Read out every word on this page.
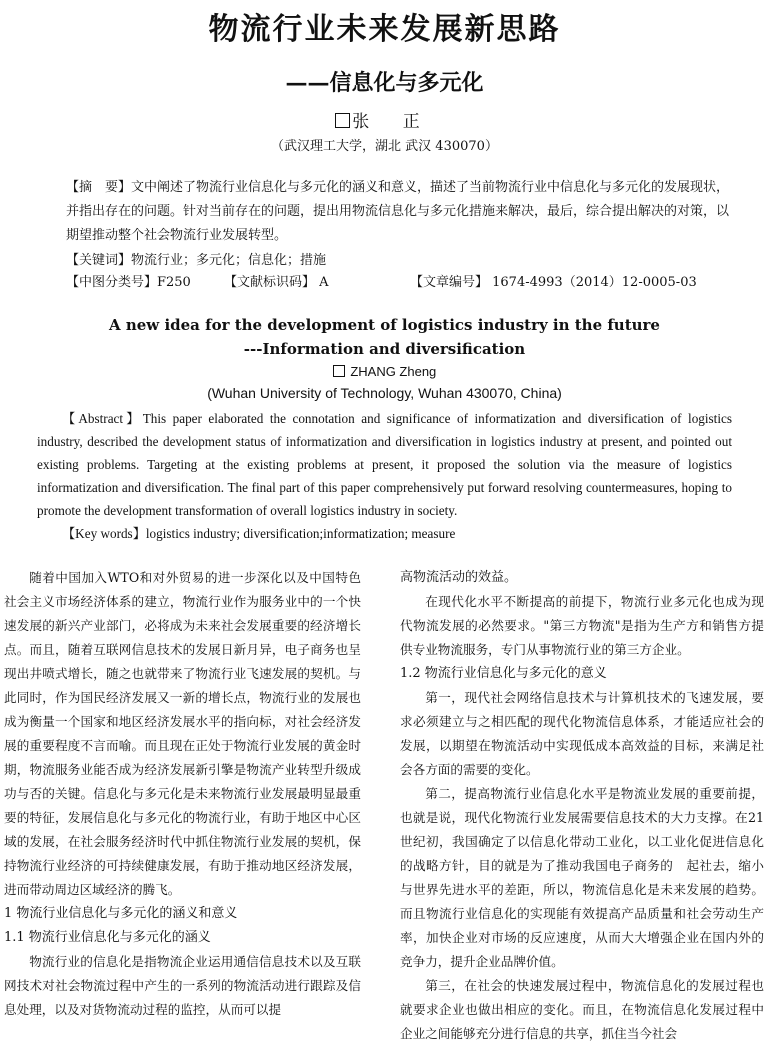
物流行业未来发展新思路
——信息化与多元化
张 正
（武汉理工大学，湖北 武汉 430070）
【摘　要】文中阐述了物流行业信息化与多元化的涵义和意义，描述了当前物流行业中信息化与多元化的发展现状，并指出存在的问题。针对当前存在的问题，提出用物流信息化与多元化措施来解决，最后，综合提出解决的对策，以期望推动整个社会物流行业发展转型。
【关键词】物流行业；多元化；信息化；措施
【中图分类号】F250	【文献标识码】 A	【文章编号】 1674-4993（2014）12-0005-03
A new idea for the development of logistics industry in the future
---Information and diversification
ZHANG Zheng
(Wuhan University of Technology, Wuhan 430070, China)
【Abstract】This paper elaborated the connotation and significance of informatization and diversification of logistics industry, described the development status of informatization and diversification in logistics industry at present, and pointed out existing problems. Targeting at the existing problems at present, it proposed the solution via the measure of logistics informatization and diversification. The final part of this paper comprehensively put forward resolving countermeasures, hoping to promote the development transformation of overall logistics industry in society.
【Key words】logistics industry; diversification;informatization; measure

随着中国加入WTO和对外贸易的进一步深化以及中国特色社会主义市场经济体系的建立，物流行业作为服务业中的一个快速发展的新兴产业部门，必将成为未来社会发展重要的经济增长点。而且，随着互联网信息技术的发展日新月异，电子商务也呈现出井喷式增长，随之也就带来了物流行业飞速发展的契机。与此同时，作为国民经济发展又一新的增长点，物流行业的发展也成为衡量一个国家和地区经济发展水平的指向标，对社会经济发展的重要程度不言而喻。而且现在正处于物流行业发展的黄金时期，物流服务业能否成为经济发展新引擎是物流产业转型升级成功与否的关键。信息化与多元化是未来物流行业发展最明显最重要的特征，发展信息化与多元化的物流行业，有助于地区中心区域的发展，在社会服务经济时代中抓住物流行业发展的契机，保持物流行业经济的可持续健康发展，有助于推动地区经济发展，进而带动周边区域经济的腾飞。

1 物流行业信息化与多元化的涵义和意义
1.1 物流行业信息化与多元化的涵义

物流行业的信息化是指物流企业运用通信信息技术以及互联网技术对社会物流过程中产生的一系列的物流活动进行跟踪及信息处理，以及对货物流动过程的监控，从而可以提

高物流活动的效益。

在现代化水平不断提高的前提下，物流行业多元化也成为现代物流发展的必然要求。"第三方物流"是指为生产方和销售方提供专业物流服务，专门从事物流行业的第三方企业。

1.2 物流行业信息化与多元化的意义

第一，现代社会网络信息技术与计算机技术的飞速发展，要求必须建立与之相匹配的现代化物流信息体系，才能适应社会的发展，以期望在物流活动中实现低成本高效益的目标，来满足社会各方面的需要的变化。

第二，提高物流行业信息化水平是物流业发展的重要前提，也就是说，现代化物流行业发展需要信息技术的大力支撑。在21世纪初，我国确定了以信息化带动工业化，以工业化促进信息化的战略方针，目的就是为了推动我国电子商务的　起社去，缩小与世界先进水平的差距，所以，物流信息化是未来发展的趋势。而且物流行业信息化的实现能有效提高产品质量和社会劳动生产率，加快企业对市场的反应速度，从而大大增强企业在国内外的竞争力，提升企业品牌价值。

第三，在社会的快速发展过程中，物流信息化的发展过程也就要求企业也做出相应的变化。而且，在物流信息化发展过程中企业之间能够充分进行信息的共享，抓住当今社会
